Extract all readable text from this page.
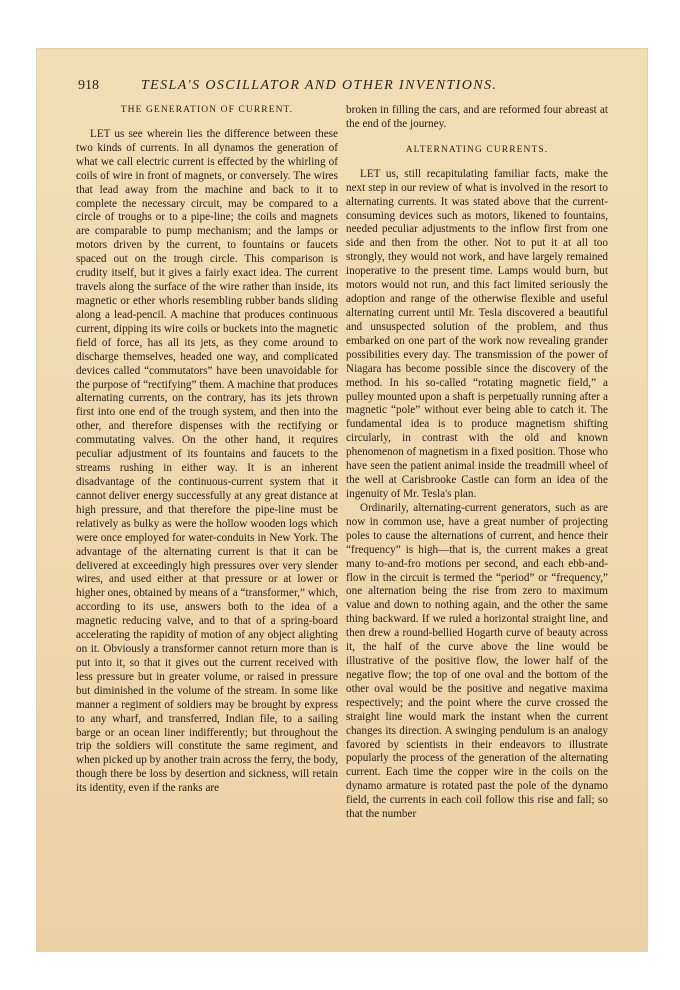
918	TESLA'S OSCILLATOR AND OTHER INVENTIONS.
THE GENERATION OF CURRENT.

LET us see wherein lies the difference between these two kinds of currents. In all dynamos the generation of what we call electric current is effected by the whirling of coils of wire in front of magnets, or conversely. The wires that lead away from the machine and back to it to complete the necessary circuit, may be compared to a circle of troughs or to a pipe-line; the coils and magnets are comparable to pump mechanism; and the lamps or motors driven by the current, to fountains or faucets spaced out on the trough circle. This comparison is crudity itself, but it gives a fairly exact idea. The current travels along the surface of the wire rather than inside, its magnetic or ether whorls resembling rubber bands sliding along a lead-pencil. A machine that produces continuous current, dipping its wire coils or buckets into the magnetic field of force, has all its jets, as they come around to discharge themselves, headed one way, and complicated devices called “commutators” have been unavoidable for the purpose of “rectifying” them. A machine that produces alternating currents, on the contrary, has its jets thrown first into one end of the trough system, and then into the other, and therefore dispenses with the rectifying or commutating valves. On the other hand, it requires peculiar adjustment of its fountains and faucets to the streams rushing in either way. It is an inherent disadvantage of the continuous-current system that it cannot deliver energy successfully at any great distance at high pressure, and that therefore the pipe-line must be relatively as bulky as were the hollow wooden logs which were once employed for water-conduits in New York. The advantage of the alternating current is that it can be delivered at exceedingly high pressures over very slender wires, and used either at that pressure or at lower or higher ones, obtained by means of a “transformer,” which, according to its use, answers both to the idea of a magnetic reducing valve, and to that of a spring-board accelerating the rapidity of motion of any object alighting on it. Obviously a transformer cannot return more than is put into it, so that it gives out the current received with less pressure but in greater volume, or raised in pressure but diminished in the volume of the stream. In some like manner a regiment of soldiers may be brought by express to any wharf, and transferred, Indian file, to a sailing barge or an ocean liner indifferently; but throughout the trip the soldiers will constitute the same regiment, and when picked up by another train across the ferry, the body, though there be loss by desertion and sickness, will retain its identity, even if the ranks are

broken in filling the cars, and are reformed four abreast at the end of the journey.

ALTERNATING CURRENTS.

LET us, still recapitulating familiar facts, make the next step in our review of what is involved in the resort to alternating currents. It was stated above that the current-consuming devices such as motors, likened to fountains, needed peculiar adjustments to the inflow first from one side and then from the other. Not to put it at all too strongly, they would not work, and have largely remained inoperative to the present time. Lamps would burn, but motors would not run, and this fact limited seriously the adoption and range of the otherwise flexible and useful alternating current until Mr. Tesla discovered a beautiful and unsuspected solution of the problem, and thus embarked on one part of the work now revealing grander possibilities every day. The transmission of the power of Niagara has become possible since the discovery of the method. In his so-called “rotating magnetic field,” a pulley mounted upon a shaft is perpetually running after a magnetic “pole” without ever being able to catch it. The fundamental idea is to produce magnetism shifting circularly, in contrast with the old and known phenomenon of magnetism in a fixed position. Those who have seen the patient animal inside the treadmill wheel of the well at Carisbrooke Castle can form an idea of the ingenuity of Mr. Tesla's plan.

Ordinarily, alternating-current generators, such as are now in common use, have a great number of projecting poles to cause the alternations of current, and hence their “frequency” is high—that is, the current makes a great many to-and-fro motions per second, and each ebb-and-flow in the circuit is termed the “period” or “frequency,” one alternation being the rise from zero to maximum value and down to nothing again, and the other the same thing backward. If we ruled a horizontal straight line, and then drew a round-bellied Hogarth curve of beauty across it, the half of the curve above the line would be illustrative of the positive flow, the lower half of the negative flow; the top of one oval and the bottom of the other oval would be the positive and negative maxima respectively; and the point where the curve crossed the straight line would mark the instant when the current changes its direction. A swinging pendulum is an analogy favored by scientists in their endeavors to illustrate popularly the process of the generation of the alternating current. Each time the copper wire in the coils on the dynamo armature is rotated past the pole of the dynamo field, the currents in each coil follow this rise and fall; so that the number
